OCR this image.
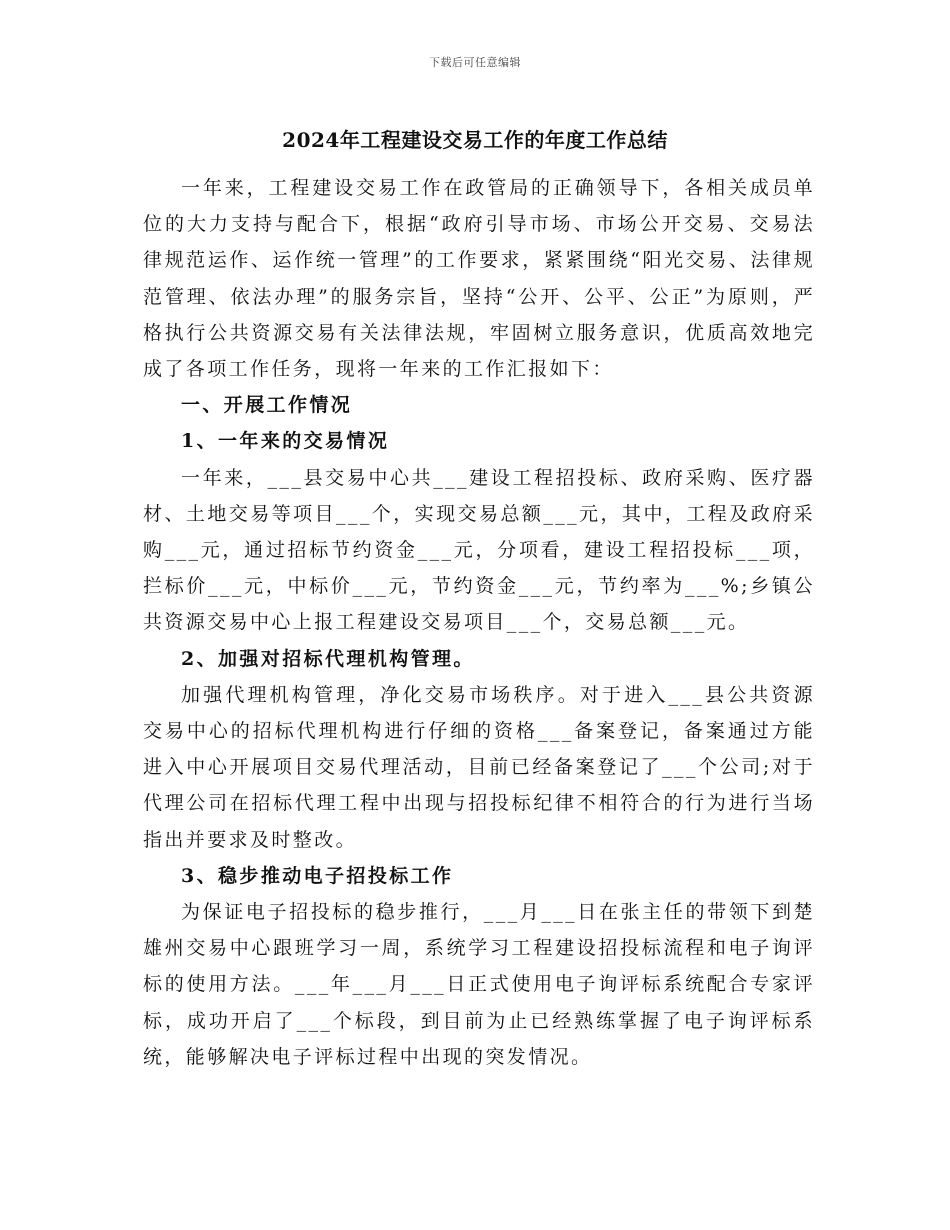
下载后可任意编辑
2024年工程建设交易工作的年度工作总结

一年来，工程建设交易工作在政管局的正确领导下，各相关成员单位的大力支持与配合下，根据“政府引导市场、市场公开交易、交易法律规范运作、运作统一管理”的工作要求，紧紧围绕“阳光交易、法律规范管理、依法办理”的服务宗旨，坚持“公开、公平、公正”为原则，严格执行公共资源交易有关法律法规，牢固树立服务意识，优质高效地完成了各项工作任务，现将一年来的工作汇报如下：

一、开展工作情况
1、一年来的交易情况

一年来，___县交易中心共___建设工程招投标、政府采购、医疗器材、土地交易等项目___个，实现交易总额___元，其中，工程及政府采购___元，通过招标节约资金___元，分项看，建设工程招投标___项，拦标价___元，中标价___元，节约资金___元，节约率为___%;乡镇公共资源交易中心上报工程建设交易项目___个，交易总额___元。

2、加强对招标代理机构管理。

加强代理机构管理，净化交易市场秩序。对于进入___县公共资源交易中心的招标代理机构进行仔细的资格___备案登记，备案通过方能进入中心开展项目交易代理活动，目前已经备案登记了___个公司;对于代理公司在招标代理工程中出现与招投标纪律不相符合的行为进行当场指出并要求及时整改。

3、稳步推动电子招投标工作

为保证电子招投标的稳步推行，___月___日在张主任的带领下到楚雄州交易中心跟班学习一周，系统学习工程建设招投标流程和电子询评标的使用方法。___年___月___日正式使用电子询评标系统配合专家评标，成功开启了___个标段，到目前为止已经熟练掌握了电子询评标系统，能够解决电子评标过程中出现的突发情况。
